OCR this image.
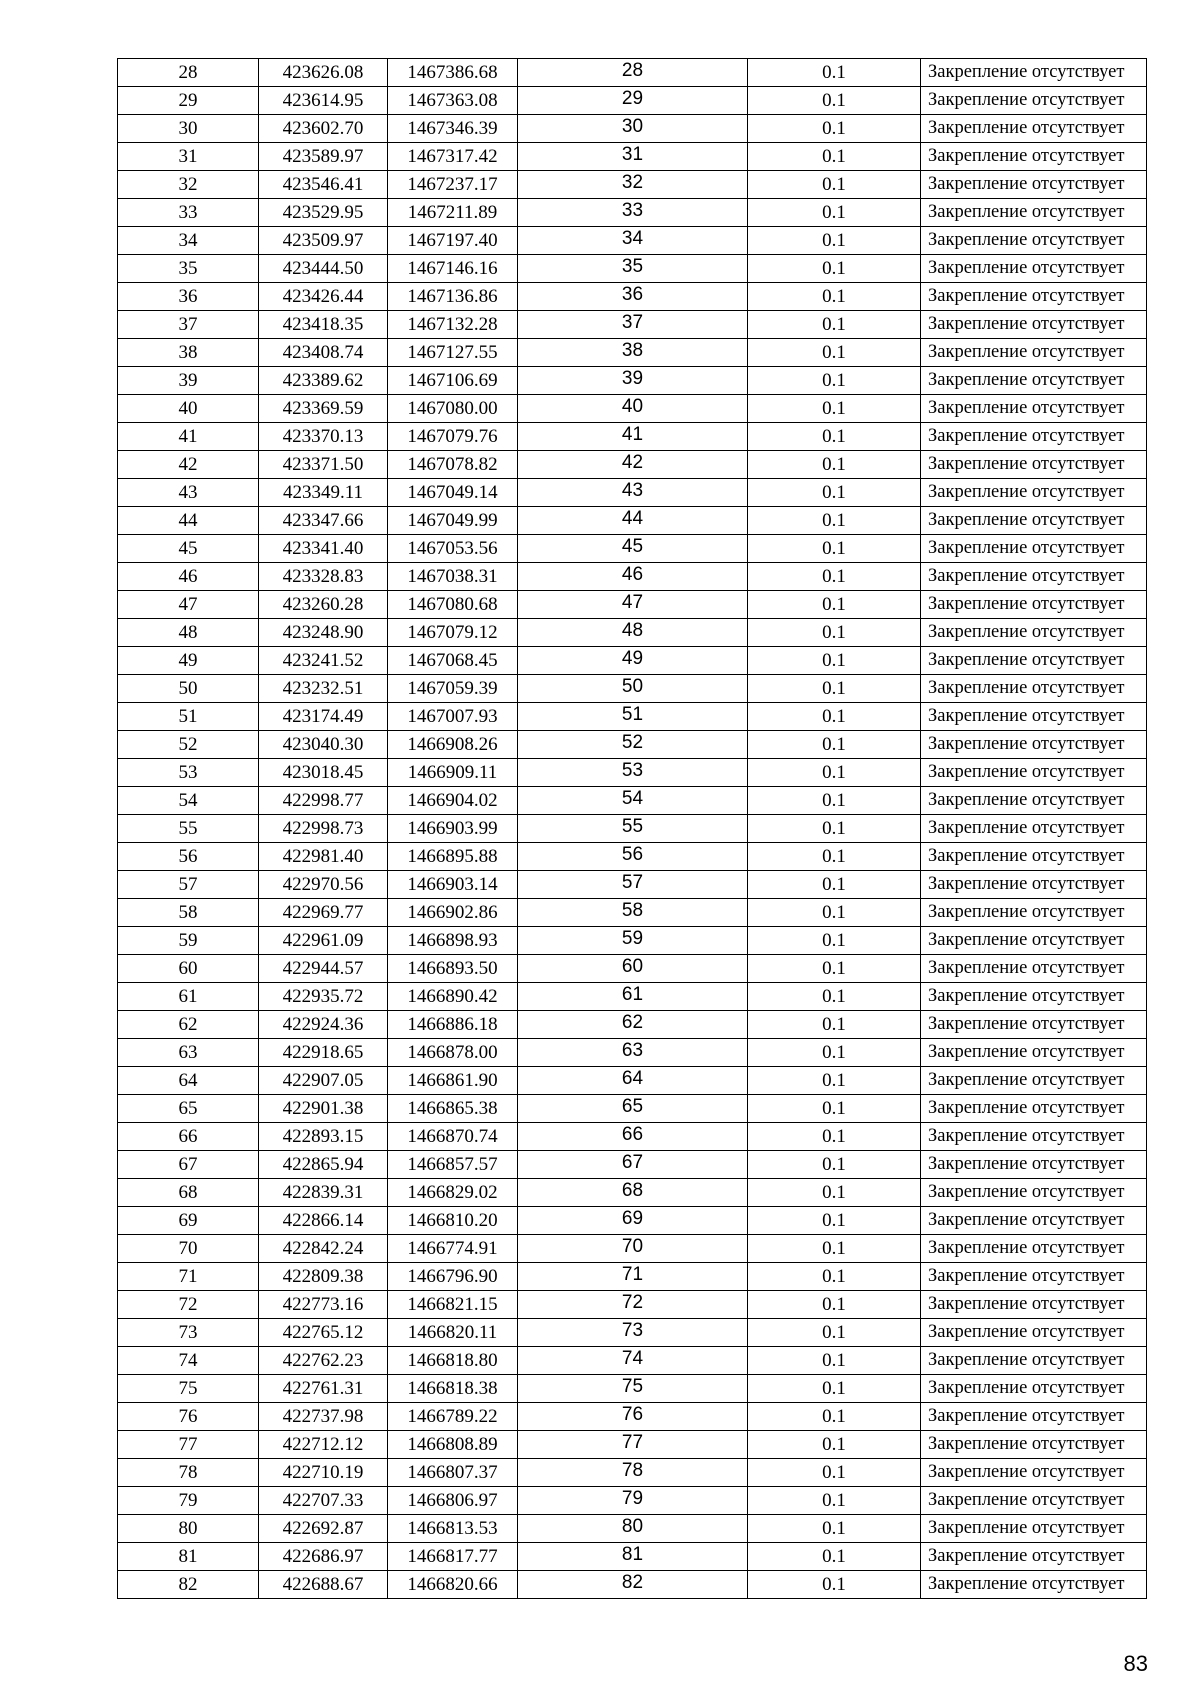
28	423626.08	1467386.68	28	0.1	Закрепление отсутствует
29	423614.95	1467363.08	29	0.1	Закрепление отсутствует
30	423602.70	1467346.39	30	0.1	Закрепление отсутствует
31	423589.97	1467317.42	31	0.1	Закрепление отсутствует
32	423546.41	1467237.17	32	0.1	Закрепление отсутствует
33	423529.95	1467211.89	33	0.1	Закрепление отсутствует
34	423509.97	1467197.40	34	0.1	Закрепление отсутствует
35	423444.50	1467146.16	35	0.1	Закрепление отсутствует
36	423426.44	1467136.86	36	0.1	Закрепление отсутствует
37	423418.35	1467132.28	37	0.1	Закрепление отсутствует
38	423408.74	1467127.55	38	0.1	Закрепление отсутствует
39	423389.62	1467106.69	39	0.1	Закрепление отсутствует
40	423369.59	1467080.00	40	0.1	Закрепление отсутствует
41	423370.13	1467079.76	41	0.1	Закрепление отсутствует
42	423371.50	1467078.82	42	0.1	Закрепление отсутствует
43	423349.11	1467049.14	43	0.1	Закрепление отсутствует
44	423347.66	1467049.99	44	0.1	Закрепление отсутствует
45	423341.40	1467053.56	45	0.1	Закрепление отсутствует
46	423328.83	1467038.31	46	0.1	Закрепление отсутствует
47	423260.28	1467080.68	47	0.1	Закрепление отсутствует
48	423248.90	1467079.12	48	0.1	Закрепление отсутствует
49	423241.52	1467068.45	49	0.1	Закрепление отсутствует
50	423232.51	1467059.39	50	0.1	Закрепление отсутствует
51	423174.49	1467007.93	51	0.1	Закрепление отсутствует
52	423040.30	1466908.26	52	0.1	Закрепление отсутствует
53	423018.45	1466909.11	53	0.1	Закрепление отсутствует
54	422998.77	1466904.02	54	0.1	Закрепление отсутствует
55	422998.73	1466903.99	55	0.1	Закрепление отсутствует
56	422981.40	1466895.88	56	0.1	Закрепление отсутствует
57	422970.56	1466903.14	57	0.1	Закрепление отсутствует
58	422969.77	1466902.86	58	0.1	Закрепление отсутствует
59	422961.09	1466898.93	59	0.1	Закрепление отсутствует
60	422944.57	1466893.50	60	0.1	Закрепление отсутствует
61	422935.72	1466890.42	61	0.1	Закрепление отсутствует
62	422924.36	1466886.18	62	0.1	Закрепление отсутствует
63	422918.65	1466878.00	63	0.1	Закрепление отсутствует
64	422907.05	1466861.90	64	0.1	Закрепление отсутствует
65	422901.38	1466865.38	65	0.1	Закрепление отсутствует
66	422893.15	1466870.74	66	0.1	Закрепление отсутствует
67	422865.94	1466857.57	67	0.1	Закрепление отсутствует
68	422839.31	1466829.02	68	0.1	Закрепление отсутствует
69	422866.14	1466810.20	69	0.1	Закрепление отсутствует
70	422842.24	1466774.91	70	0.1	Закрепление отсутствует
71	422809.38	1466796.90	71	0.1	Закрепление отсутствует
72	422773.16	1466821.15	72	0.1	Закрепление отсутствует
73	422765.12	1466820.11	73	0.1	Закрепление отсутствует
74	422762.23	1466818.80	74	0.1	Закрепление отсутствует
75	422761.31	1466818.38	75	0.1	Закрепление отсутствует
76	422737.98	1466789.22	76	0.1	Закрепление отсутствует
77	422712.12	1466808.89	77	0.1	Закрепление отсутствует
78	422710.19	1466807.37	78	0.1	Закрепление отсутствует
79	422707.33	1466806.97	79	0.1	Закрепление отсутствует
80	422692.87	1466813.53	80	0.1	Закрепление отсутствует
81	422686.97	1466817.77	81	0.1	Закрепление отсутствует
82	422688.67	1466820.66	82	0.1	Закрепление отсутствует
83
